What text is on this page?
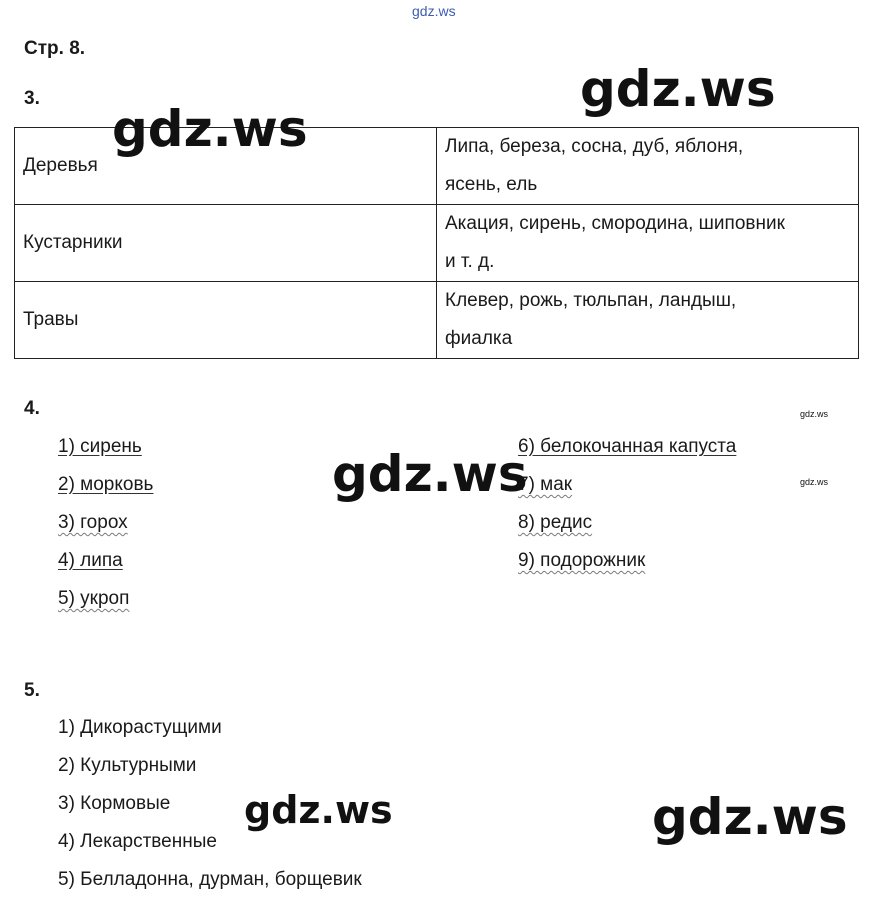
gdz.ws
Стр. 8.
3.
Деревья	Липа, береза, сосна, дуб, яблоня,
ясень, ель

Кустарники	Акация, сирень, смородина, шиповник
и т. д.

Травы	Клевер, рожь, тюльпан, ландыш,
фиалка
gdz.ws
gdz.ws
4.
1) сирень
2) морковь
3) горох
4) липа
5) укроп
6) белокочанная капуста
7) мак
8) редис
9) подорожник
gdz.ws
gdz.ws
gdz.ws
5.
1) Дикорастущими
2) Культурными
3) Кормовые
4) Лекарственные
5) Белладонна, дурман, борщевик
gdz.ws	gdz.ws
